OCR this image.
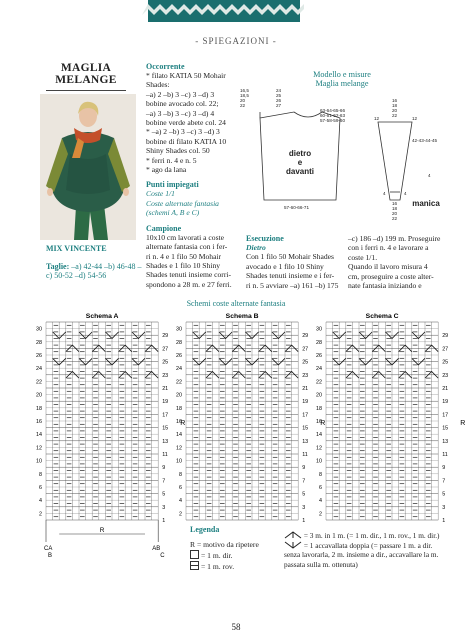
- SPIEGAZIONI -
MAGLIA MELANGE
MIX VINCENTE
Taglie: –a) 42-44 –b) 46-48 –c) 50-52 –d) 54-56
Occorrente
* filato KATIA 50 Mohair
Shades:
–a) 2 –b) 3 –c) 3 –d) 3
bobine avocado col. 22;
–a) 3 –b) 3 –c) 3 –d) 4
bobine verde abete col. 24
* –a) 2 –b) 3 –c) 3 –d) 3
bobine di filato KATIA 10
Shiny Shades col. 50
* ferri n. 4 e n. 5
* ago da lana
Punti impiegati
Coste 1/1
Coste alternate fantasia
(schemi A, B e C)
Campione
10x10 cm lavorati a coste
alternate fantasia con i fer-
ri n. 4 e 1 filo 50 Mohair
Shades e 1 filo 10 Shiny
Shades tenuti insieme corri-
spondono a 28 m. e 27 ferri.
Modello e misure
Maglia melange
16,5
18,5
20
22
24
25
26
27
63-64-65-66
60-61-62-63
57-58-59-60
57-60-66-71
16
18
20
22
12	12
42-43-44-45
4	4
4
16
18
20
22
dietro
e
davanti
manica
Esecuzione
Dietro
Con 1 filo 50 Mohair Shades
avocado e 1 filo 10 Shiny
Shades tenuti insieme e i fer-
ri n. 5 avviare –a) 161 –b) 175
–c) 186 –d) 199 m. Proseguire
con i ferri n. 4 e lavorare a
coste 1/1.
Quando il lavoro misura 4
cm, proseguire a coste alter-
nate fantasia iniziando e
Schemi coste alternate fantasia
Schema A
30
28
26
24
22
20
18
16
14
12
10
8
6
4
2
29
27
25
23
21
19
17
15
13
11
9
7
5
3
1
R
R
CA	AB
B	C
Schema B
30
28
26
24
22
20
18
16
14
12
10
8
6
4
2
29
27
25
23
21
19
17
15
13
11
9
7
5
3
1
R
Schema C
30
28
26
24
22
20
18
16
14
12
10
8
6
4
2
29
27
25
23
21
19
17
15
13
11
9
7
5
3
1
R
Legenda
R = motivo da ripetere
= 1 m. dir.
= 1 m. rov.
= 3 m. in 1 m. (= 1 m. dir., 1 m. rov., 1 m. dir.)
= 1 accavallata doppia (= passare 1 m. a dir.
senza lavorarla, 2 m. insieme a dir., accavallare la m.
passata sulla m. ottenuta)
58
